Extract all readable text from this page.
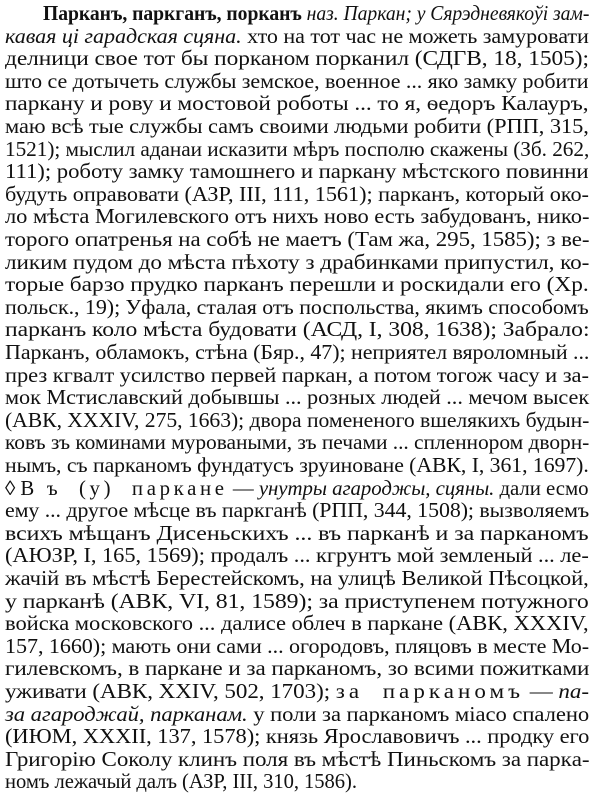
Парканъ, паркганъ, порканъ наз. Паркан; у Сярэдневякоўі зам-
кавая ці гарадская сцяна. хто на тот час не можеть замуровати
делници свое тот бы порканом порканил (СДГВ, 18, 1505);
што се дотычеть службы земское, военное ... яко замку робити
паркану и рову и мостовой роботы ... то я, ѳедоръ Калауръ,
маю всѣ тые службы самъ своими людьми робити (РПП, 315,
1521); мыслил аданаи исказити мѣръ посполю скажены (Зб. 262,
111); роботу замку тамошнего и паркану мѣстского повинни
будуть оправовати (АЗР, III, 111, 1561); парканъ, который око-
ло мѣста Могилевского отъ нихъ ново есть забудованъ, нико-
торого опатренья на собѣ не маетъ (Там жа, 295, 1585); з ве-
ликим пудом до мѣста пѣхоту з драбинками припустил, ко-
торые барзо прудко парканъ перешли и роскидали его (Хр.
польск., 19); Уфала, сталая отъ поспольства, якимъ способомъ
парканъ коло мѣста будовати (АСД, I, 308, 1638); Забрало:
Парканъ, обламокъ, стѣна (Бяр., 47); неприятел вяроломный ...
през кгвалт усилство первей паркан, а потом тогож часу и за-
мок Мстиславский добывшы ... розных людей ... мечом высек
(АВК, XXXIV, 275, 1663); двора помененого вшелякихъ будын-
ковъ зъ коминами муроваными, зъ печами ... спленнором дворн-
нымъ, съ парканомъ фундатусъ зруиноване (АВК, I, 361, 1697).
◊ В ъ  (у)  паркане — унутры агароджы, сцяны. дали есмо
ему ... другое мѣсце въ паркганѣ (РПП, 344, 1508); вызволяемъ
всихъ мѣщанъ Дисеньскихъ ... въ парканѣ и за парканомъ
(АЮЗР, I, 165, 1569); продалъ ... кгрунтъ мой земленый ... ле-
жачій въ мѣстѣ Берестейскомъ, на улицѣ Великой Пѣсоцкой,
у парканѣ (АВК, VI, 81, 1589); за приступенем потужного
войска московского ... далисе облеч в паркане (АВК, XXXIV,
157, 1660); мають они сами ... огородовъ, пляцовъ в месте Мо-
гилевскомъ, в паркане и за парканомъ, зо всими пожитками
уживати (АВК, XXIV, 502, 1703); за  парканомъ — па-
за агароджай, парканам. у поли за парканомъ міасо спалено
(ИЮМ, XXXII, 137, 1578); князь Ярославовичъ ... продку его
Григорію Соколу клинъ поля въ мѣстѣ Пиньскомъ за паркa-
номъ лежачый далъ (АЗР, III, 310, 1586).
